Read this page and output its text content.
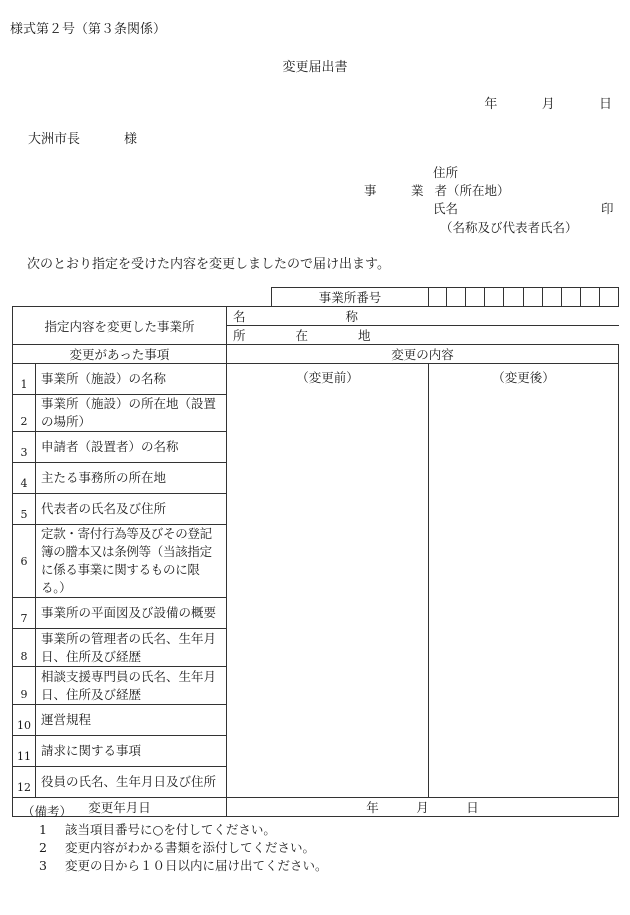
様式第２号（第３条関係）
変更届出書
年	月	日
大洲市長	様
住所
事　業者（所在地）
氏名	印
（名称及び代表者氏名）
次のとおり指定を受けた内容を変更しましたので届け出ます。
			事業所番号	

指定内容を変更した事業所		名　　　　　　　　称		
		所　　　　在　　　　地		
変更があった事項		変更の内容		
1	事業所（施設）の名称	（変更前）		（変更後）

2	事業所（施設）の所在地（設置の場所）			
3	申請者（設置者）の名称			
4	主たる事務所の所在地			
5	代表者の氏名及び住所			
6	定款・寄付行為等及びその登記簿の謄本又は条例等（当該指定に係る事業に関するものに限る。）			
7	事業所の平面図及び設備の概要			
8	事業所の管理者の氏名、生年月日、住所及び経歴			
9	相談支援専門員の氏名、生年月日、住所及び経歴			
10	運営規程			
11	請求に関する事項			
12	役員の氏名、生年月日及び住所			
変更年月日		年　　　月　　　日		
（備考）
1 該当項目番号に○を付してください。
2 変更内容がわかる書類を添付してください。
3 変更の日から１０日以内に届け出てください。
